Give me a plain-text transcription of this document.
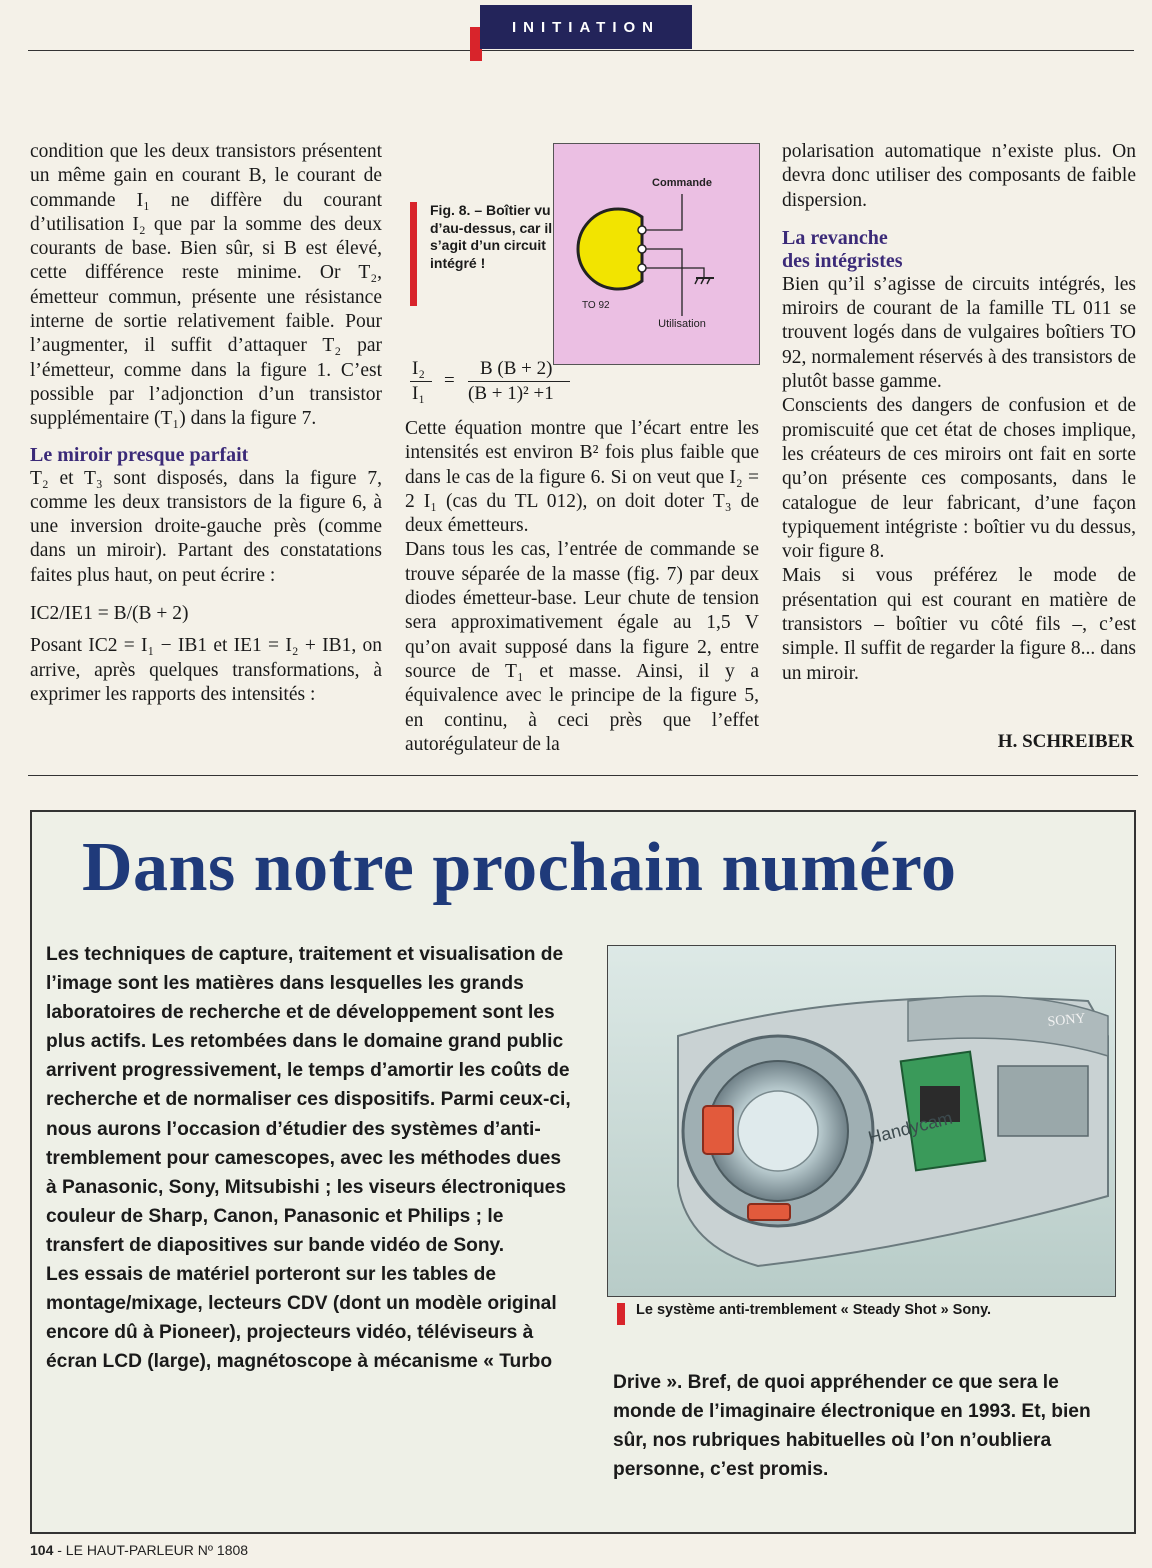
INITIATION

condition que les deux transistors présentent un même gain en courant B, le courant de commande I₁ ne diffère du courant d’utilisation I₂ que par la somme des deux courants de base. Bien sûr, si B est élevé, cette différence reste minime. Or T₂, émetteur commun, présente une résistance interne de sortie relativement faible. Pour l’augmenter, il suffit d’attaquer T₂ par l’émetteur, comme dans la figure 1. C’est possible par l’adjonction d’un transistor supplémentaire (T₁) dans la figure 7.

Le miroir presque parfait

T₂ et T₃ sont disposés, dans la figure 7, comme les deux transistors de la figure 6, à une inversion droite-gauche près (comme dans un miroir). Partant des constatations faites plus haut, on peut écrire :

IC2/IE1 = B/(B + 2)

Posant IC2 = I₁ − IB1 et IE1 = I₂ + IB1, on arrive, après quelques transformations, à exprimer les rapports des intensités :

Fig. 8. – Boîtier vu d’au-dessus, car il s’agit d’un circuit intégré !
Commande
Utilisation
TO 92
I₂
I₁
=
B (B + 2)
(B + 1)² +1

Cette équation montre que l’écart entre les intensités est environ B² fois plus faible que dans le cas de la figure 6. Si on veut que I₂ = 2 I₁ (cas du TL 012), on doit doter T₃ de deux émetteurs.

Dans tous les cas, l’entrée de commande se trouve séparée de la masse (fig. 7) par deux diodes émetteur-base. Leur chute de tension sera approximativement égale au 1,5 V qu’on avait supposé dans la figure 2, entre source de T₁ et masse. Ainsi, il y a équivalence avec le principe de la figure 5, en continu, à ceci près que l’effet autorégulateur de la

polarisation automatique n’existe plus. On devra donc utiliser des composants de faible dispersion.

La revanche
des intégristes

Bien qu’il s’agisse de circuits intégrés, les miroirs de courant de la famille TL 011 se trouvent logés dans de vulgaires boîtiers TO 92, normalement réservés à des transistors de plutôt basse gamme.

Conscients des dangers de confusion et de promiscuité que cet état de choses implique, les créateurs de ces miroirs ont fait en sorte qu’on présente ces composants, dans le catalogue de leur fabricant, d’une façon typiquement intégriste : boîtier vu du dessus, voir figure 8.

Mais si vous préférez le mode de présentation qui est courant en matière de transistors – boîtier vu côté fils –, c’est simple. Il suffit de regarder la figure 8... dans un miroir.

H. SCHREIBER
Dans notre prochain numéro

Les techniques de capture, traitement et visualisation de l’image sont les matières dans lesquelles les grands laboratoires de recherche et de développement sont les plus actifs. Les retombées dans le domaine grand public arrivent progressivement, le temps d’amortir les coûts de recherche et de normaliser ces dispositifs. Parmi ceux-ci, nous aurons l’occasion d’étudier des systèmes d’anti-tremblement pour camescopes, avec les méthodes dues à Panasonic, Sony, Mitsubishi ; les viseurs électroniques couleur de Sharp, Canon, Panasonic et Philips ; le transfert de diapositives sur bande vidéo de Sony.

Les essais de matériel porteront sur les tables de montage/mixage, lecteurs CDV (dont un modèle original encore dû à Pioneer), projecteurs vidéo, téléviseurs à écran LCD (large), magnétoscope à mécanisme « Turbo

Handycam
SONY
Le système anti-tremblement « Steady Shot » Sony.

Drive ». Bref, de quoi appréhender ce que sera le monde de l’imaginaire électronique en 1993. Et, bien sûr, nos rubriques habituelles où l’on n’oubliera personne, c’est promis.

104 - LE HAUT-PARLEUR Nº 1808
